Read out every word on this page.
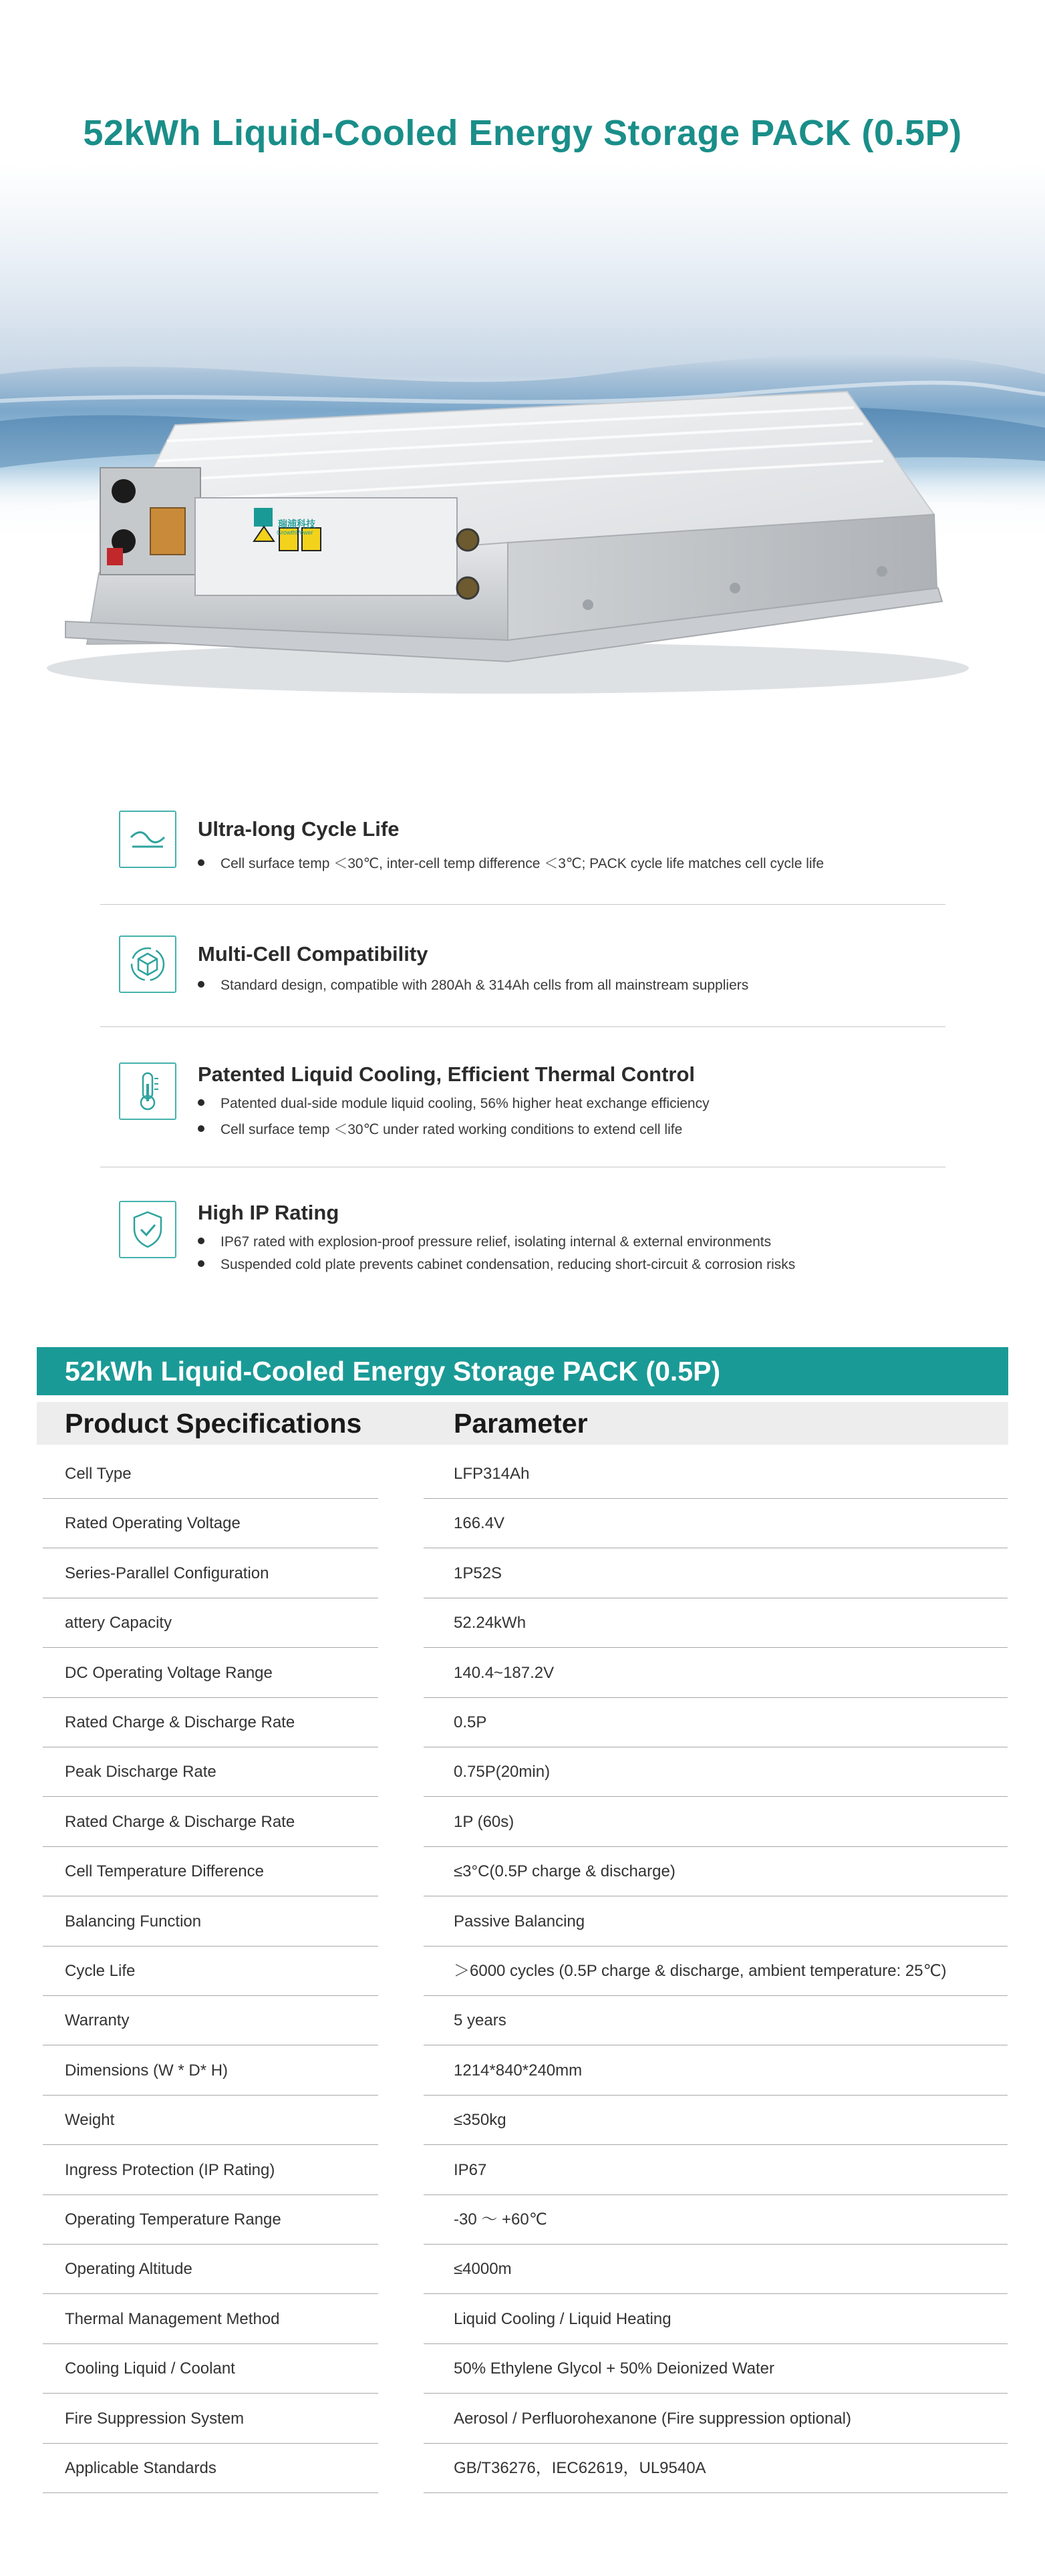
52kWh Liquid-Cooled Energy Storage PACK (0.5P)
瑞浦科技
GrowthPower
Ultra-long Cycle Life
Cell surface temp ＜30℃, inter-cell temp difference ＜3℃; PACK cycle life matches cell cycle life
Multi-Cell Compatibility
Standard design, compatible with 280Ah & 314Ah cells from all mainstream suppliers
Patented Liquid Cooling, Efficient Thermal Control
Patented dual-side module liquid cooling, 56% higher heat exchange efficiency
Cell surface temp ＜30℃ under rated working conditions to extend cell life
High IP Rating
IP67 rated with explosion-proof pressure relief, isolating internal & external environments
Suspended cold plate prevents cabinet condensation, reducing short-circuit & corrosion risks
52kWh Liquid-Cooled Energy Storage PACK (0.5P)
Product Specifications	Parameter
Cell Type	LFP314Ah
Rated Operating Voltage	166.4V
Series-Parallel Configuration	1P52S
attery Capacity	52.24kWh
DC Operating Voltage Range	140.4~187.2V
Rated Charge & Discharge Rate	0.5P
Peak Discharge Rate	0.75P(20min)
Rated Charge & Discharge Rate	1P (60s)
Cell Temperature Difference	≤3°C(0.5P charge & discharge)
Balancing Function	Passive Balancing
Cycle Life	＞6000 cycles (0.5P charge & discharge, ambient temperature: 25℃)
Warranty	5 years
Dimensions (W * D* H)	1214*840*240mm
Weight	≤350kg
Ingress Protection (IP Rating)	IP67
Operating Temperature Range	-30 ～ +60℃
Operating Altitude	≤4000m
Thermal Management Method	Liquid Cooling / Liquid Heating
Cooling Liquid / Coolant	50% Ethylene Glycol + 50% Deionized Water
Fire Suppression System	Aerosol / Perfluorohexanone (Fire suppression optional)
Applicable Standards	GB/T36276，IEC62619，UL9540A
